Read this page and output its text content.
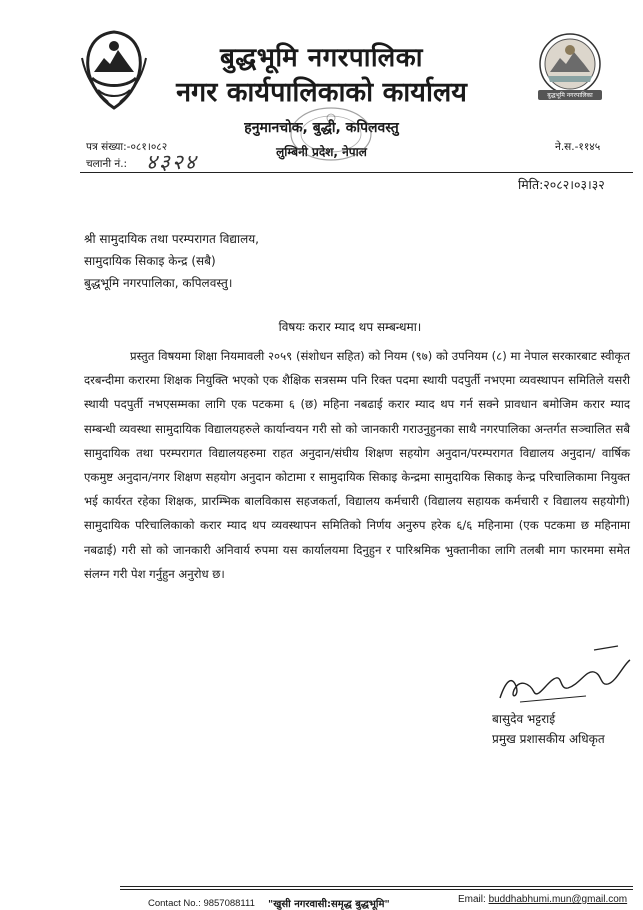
बुद्धभूमि नगरपालिका
बुद्धभूमि नगरपालिका
नगर कार्यपालिकाको कार्यालय
हनुमानचोक, बुद्धी, कपिलवस्तु
लुम्बिनी प्रदेश, नेपाल
पत्र संख्या:-०८१।०८२
चलानी नं.: ४३२४
ने.स.-११४५
मिति:२०८२।०३।३२
श्री सामुदायिक तथा परम्परागत विद्यालय,
सामुदायिक सिकाइ केन्द्र (सबै)
बुद्धभूमि नगरपालिका, कपिलवस्तु।
विषयः करार म्याद थप सम्बन्धमा।
प्रस्तुत विषयमा शिक्षा नियमावली २०५९ (संशोधन सहित) को नियम (९७) को उपनियम (८) मा नेपाल सरकारबाट स्वीकृत दरबन्दीमा करारमा शिक्षक नियुक्ति भएको एक शैक्षिक सत्रसम्म पनि रिक्त पदमा स्थायी पदपुर्ती नभएमा व्यवस्थापन समितिले यसरी स्थायी पदपुर्ती नभएसम्मका लागि एक पटकमा ६ (छ) महिना नबढाई करार म्याद थप गर्न सक्ने प्रावधान बमोजिम करार म्याद सम्बन्धी व्यवस्था सामुदायिक विद्यालयहरुले कार्यान्वयन गरी सो को जानकारी गराउनुहुनका साथै नगरपालिका अन्तर्गत सञ्चालित सबै सामुदायिक तथा परम्परागत विद्यालयहरुमा राहत अनुदान/संघीय शिक्षण सहयोग अनुदान/परम्परागत विद्यालय अनुदान/ वार्षिक एकमुष्ट अनुदान/नगर शिक्षण सहयोग अनुदान कोटामा र सामुदायिक सिकाइ केन्द्रमा सामुदायिक सिकाइ केन्द्र परिचालिकामा नियुक्त भई कार्यरत रहेका शिक्षक, प्रारम्भिक बालविकास सहजकर्ता, विद्यालय कर्मचारी (विद्यालय सहायक कर्मचारी र विद्यालय सहयोगी) सामुदायिक परिचालिकाको करार म्याद थप व्यवस्थापन समितिको निर्णय अनुरुप हरेक ६/६ महिनामा (एक पटकमा छ महिनामा नबढाई) गरी सो को जानकारी अनिवार्य रुपमा यस कार्यालयमा दिनुहुन र पारिश्रमिक भुक्तानीका लागि तलबी माग फारममा समेत संलग्न गरी पेश गर्नुहुन अनुरोध छ।
बासुदेव भट्टराई
प्रमुख प्रशासकीय अधिकृत
Contact No.: 9857088111 "खुसी नगरवासी:समृद्ध बुद्धभूमि"	Email: buddhabhumi.mun@gmail.com
